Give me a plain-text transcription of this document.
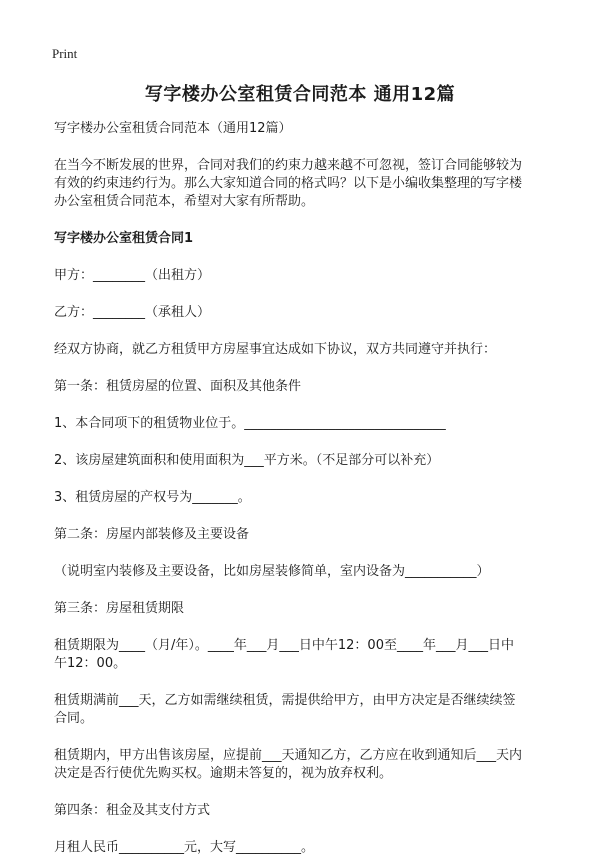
Print
写字楼办公室租赁合同范本 通用12篇

写字楼办公室租赁合同范本（通用12篇）

在当今不断发展的世界，合同对我们的约束力越来越不可忽视，签订合同能够较为

有效的约束违约行为。那么大家知道合同的格式吗？以下是小编收集整理的写字楼

办公室租赁合同范本，希望对大家有所帮助。

写字楼办公室租赁合同1

甲方：________（出租方）

乙方：________（承租人）

经双方协商，就乙方租赁甲方房屋事宜达成如下协议，双方共同遵守并执行：

第一条：租赁房屋的位置、面积及其他条件

1、本合同项下的租赁物业位于。_______________________________

2、该房屋建筑面积和使用面积为___平方米。（不足部分可以补充）

3、租赁房屋的产权号为_______。

第二条：房屋内部装修及主要设备

（说明室内装修及主要设备，比如房屋装修简单，室内设备为___________）

第三条：房屋租赁期限

租赁期限为____（月/年）。____年___月___日中午12：00至____年___月___日中

午12：00。

租赁期满前___天，乙方如需继续租赁，需提供给甲方，由甲方决定是否继续续签

合同。

租赁期内，甲方出售该房屋，应提前___天通知乙方，乙方应在收到通知后___天内

决定是否行使优先购买权。逾期未答复的，视为放弃权利。

第四条：租金及其支付方式

月租人民币__________元，大写__________。
